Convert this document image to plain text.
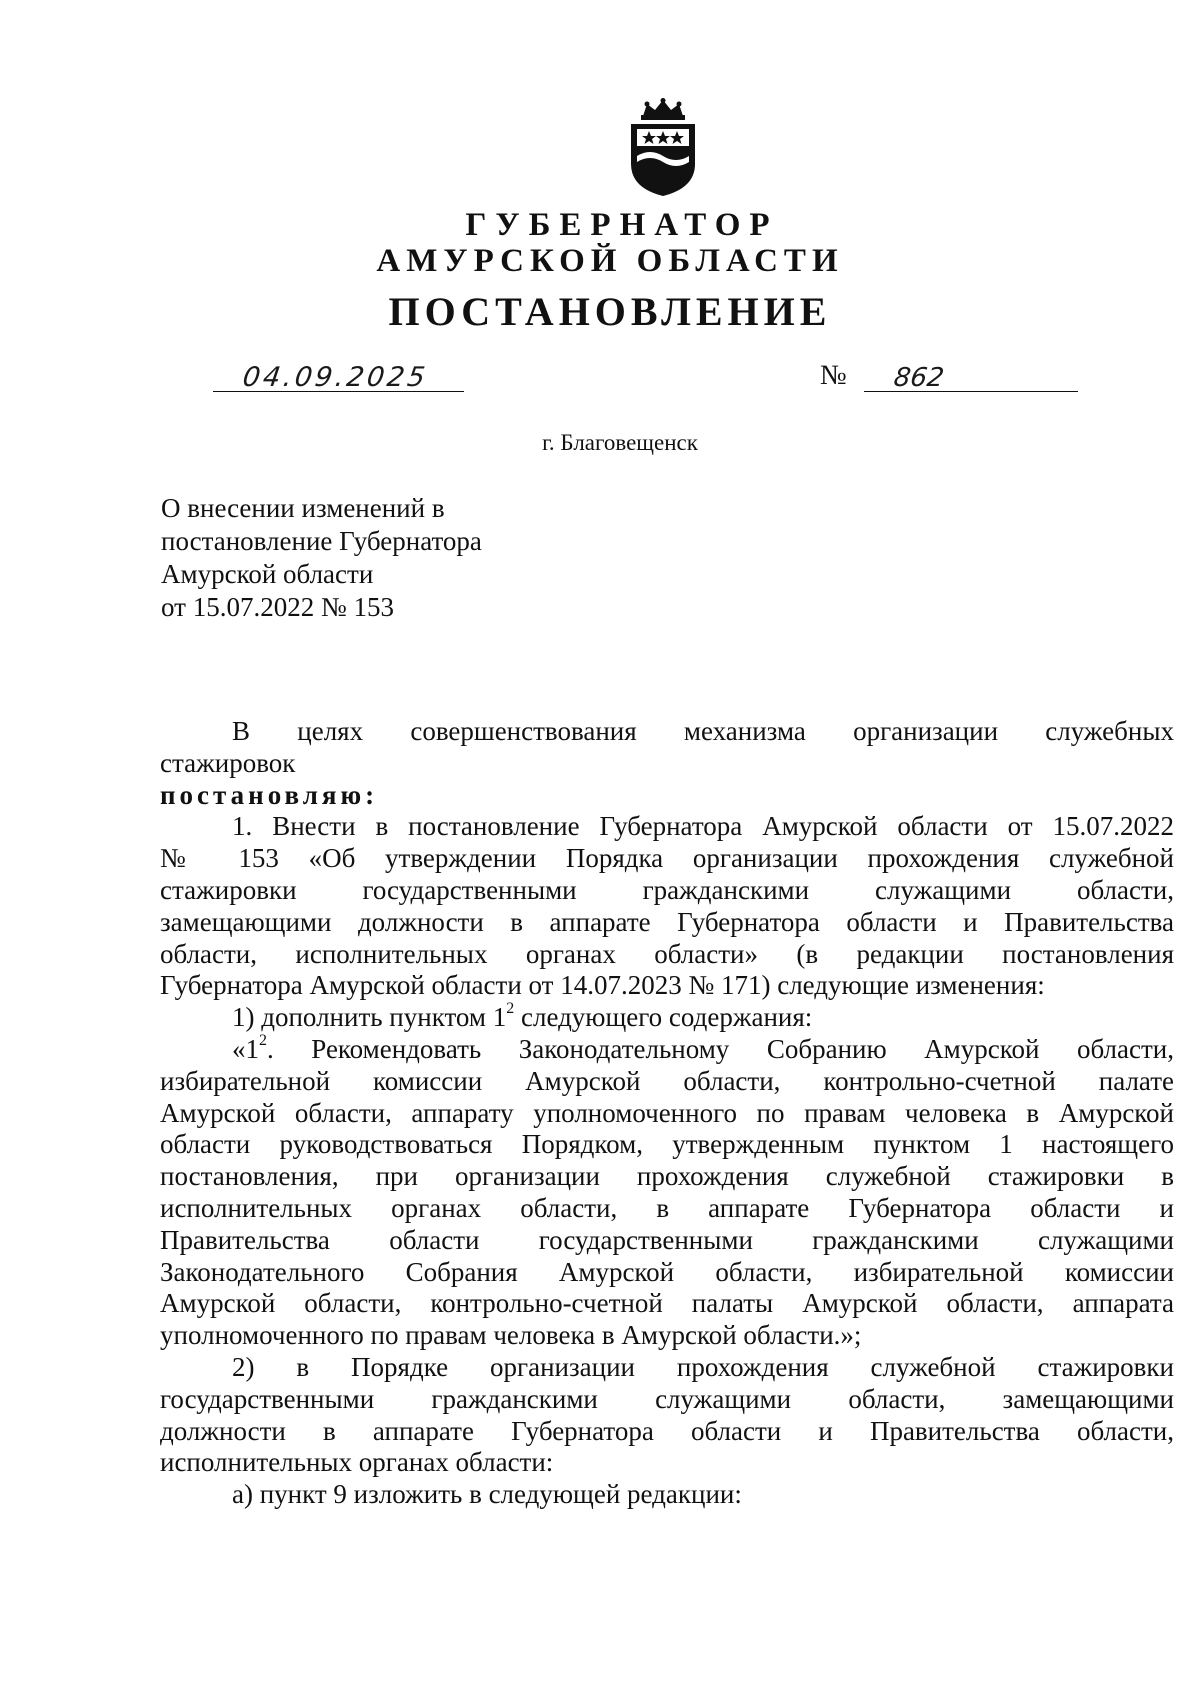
ГУБЕРНАТОР
АМУРСКОЙ ОБЛАСТИ
ПОСТАНОВЛЕНИЕ
04.09.2025	№ 862
г. Благовещенск
О внесении изменений в
постановление Губернатора
Амурской области
от 15.07.2022 № 153
В целях совершенствования механизма организации служебных
стажировок
постановляю:
1. Внести в постановление Губернатора Амурской области от 15.07.2022
№ 153 «Об утверждении Порядка организации прохождения служебной
стажировки государственными гражданскими служащими области,
замещающими должности в аппарате Губернатора области и Правительства
области, исполнительных органах области» (в редакции постановления
Губернатора Амурской области от 14.07.2023 № 171) следующие изменения:
1) дополнить пунктом $1^2$ следующего содержания:
«$1^2$. Рекомендовать Законодательному Собранию Амурской области,
избирательной комиссии Амурской области, контрольно-счетной палате
Амурской области, аппарату уполномоченного по правам человека в Амурской
области руководствоваться Порядком, утвержденным пунктом 1 настоящего
постановления, при организации прохождения служебной стажировки в
исполнительных органах области, в аппарате Губернатора области и
Правительства области государственными гражданскими служащими
Законодательного Собрания Амурской области, избирательной комиссии
Амурской области, контрольно-счетной палаты Амурской области, аппарата
уполномоченного по правам человека в Амурской области.»;
2) в Порядке организации прохождения служебной стажировки
государственными гражданскими служащими области, замещающими
должности в аппарате Губернатора области и Правительства области,
исполнительных органах области:
а) пункт 9 изложить в следующей редакции:
